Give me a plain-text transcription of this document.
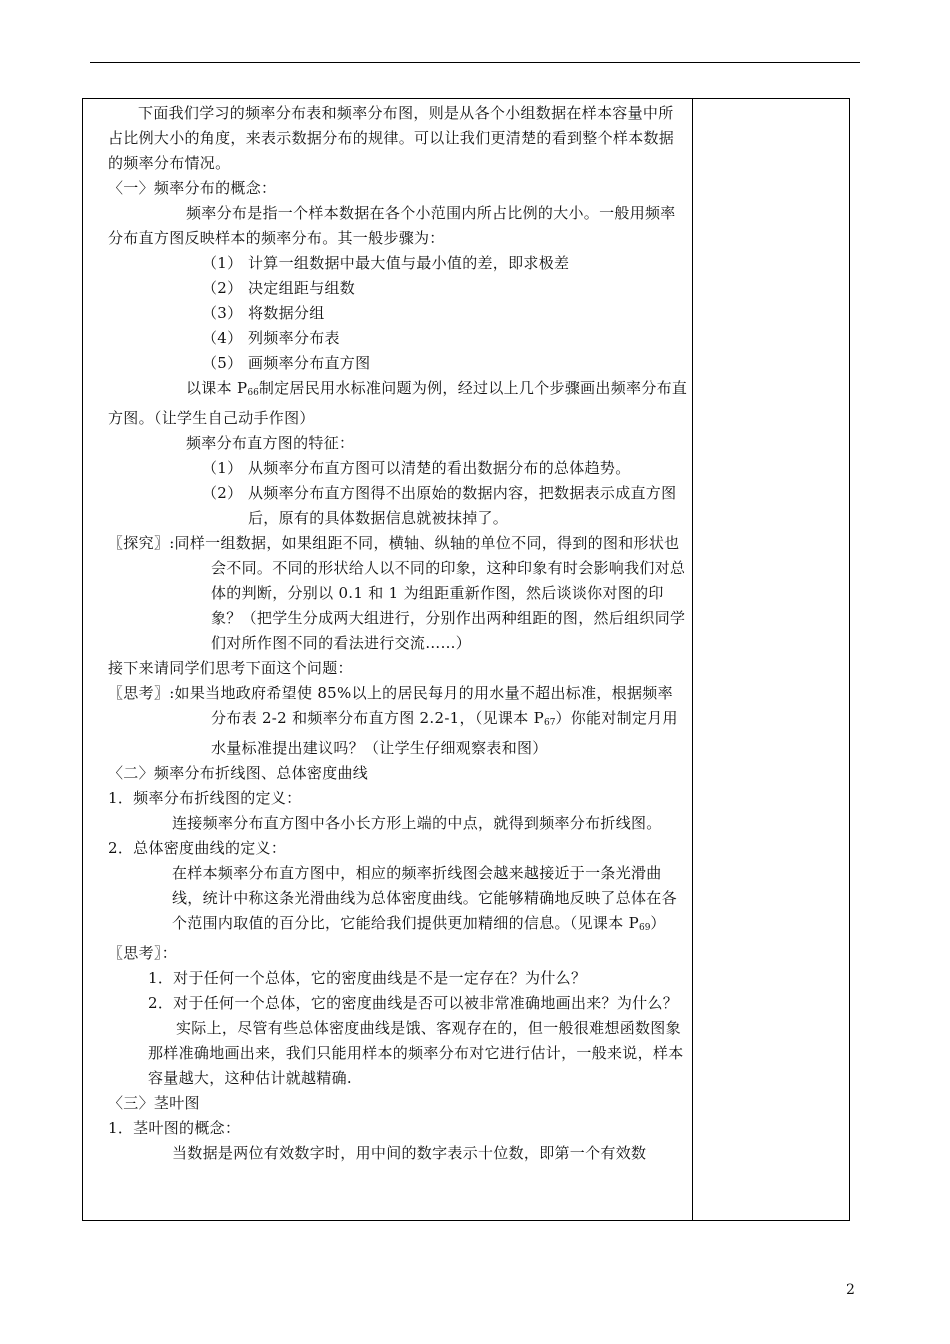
下面我们学习的频率分布表和频率分布图，则是从各个小组数据在样本容量中所占比例大小的角度，来表示数据分布的规律。可以让我们更清楚的看到整个样本数据的频率分布情况。

〈一〉频率分布的概念：

频率分布是指一个样本数据在各个小范围内所占比例的大小。一般用频率分布直方图反映样本的频率分布。其一般步骤为：

（1） 计算一组数据中最大值与最小值的差，即求极差

（2） 决定组距与组数

（3） 将数据分组

（4） 列频率分布表

（5） 画频率分布直方图

以课本 $P_{66}$制定居民用水标准问题为例，经过以上几个步骤画出频率分布直方图。（让学生自己动手作图）

频率分布直方图的特征：

（1） 从频率分布直方图可以清楚的看出数据分布的总体趋势。

（2） 从频率分布直方图得不出原始的数据内容，把数据表示成直方图后，原有的具体数据信息就被抹掉了。

〖探究〗:同样一组数据，如果组距不同，横轴、纵轴的单位不同，得到的图和形状也会不同。不同的形状给人以不同的印象，这种印象有时会影响我们对总体的判断，分别以 0.1 和 1 为组距重新作图，然后谈谈你对图的印象？（把学生分成两大组进行，分别作出两种组距的图，然后组织同学们对所作图不同的看法进行交流……）

接下来请同学们思考下面这个问题：

〖思考〗:如果当地政府希望使 85%以上的居民每月的用水量不超出标准，根据频率分布表 2-2 和频率分布直方图 2.2-1，（见课本 $P_{67}$）你能对制定月用水量标准提出建议吗？（让学生仔细观察表和图）

〈二〉频率分布折线图、总体密度曲线

1．频率分布折线图的定义：

连接频率分布直方图中各小长方形上端的中点，就得到频率分布折线图。

2．总体密度曲线的定义：

在样本频率分布直方图中，相应的频率折线图会越来越接近于一条光滑曲线，统计中称这条光滑曲线为总体密度曲线。它能够精确地反映了总体在各个范围内取值的百分比，它能给我们提供更加精细的信息。（见课本 $P_{69}$）

〖思考〗：

1．对于任何一个总体，它的密度曲线是不是一定存在？为什么？

2．对于任何一个总体，它的密度曲线是否可以被非常准确地画出来？为什么？

实际上，尽管有些总体密度曲线是饿、客观存在的，但一般很难想函数图象那样准确地画出来，我们只能用样本的频率分布对它进行估计，一般来说，样本容量越大，这种估计就越精确.

〈三〉茎叶图

1．茎叶图的概念：

当数据是两位有效数字时，用中间的数字表示十位数，即第一个有效数

2
